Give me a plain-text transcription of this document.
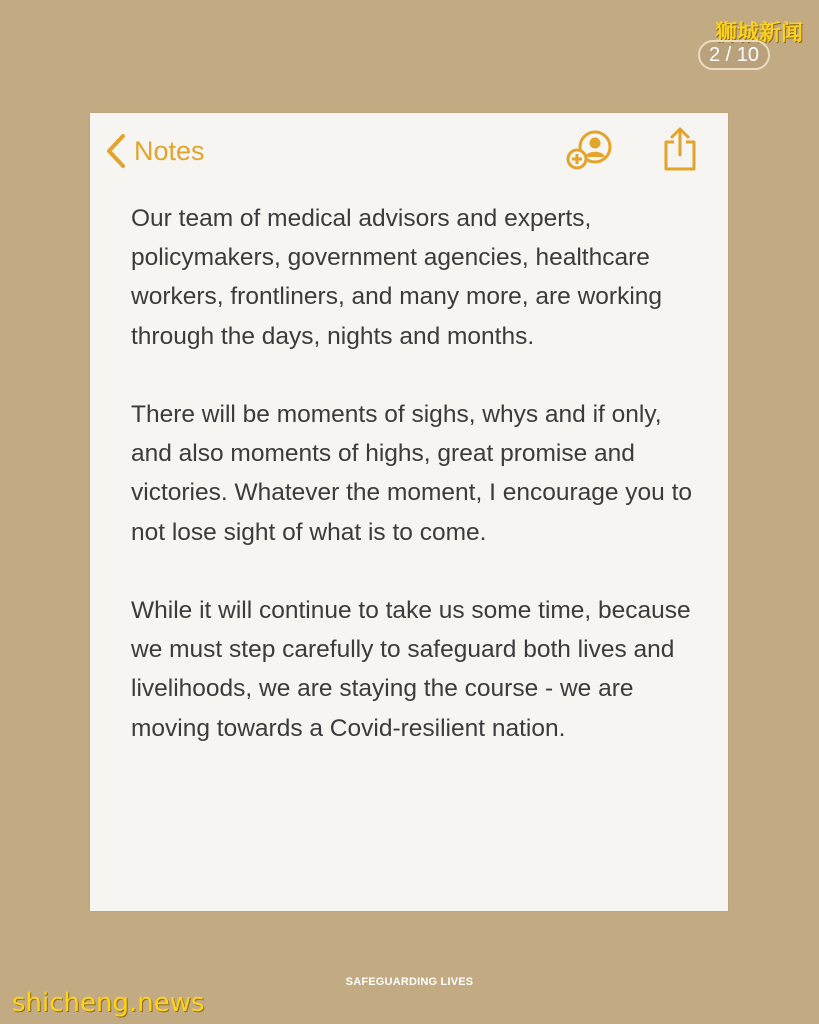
狮城新闻
2 / 10
Notes

Our team of medical advisors and experts, policymakers, government agencies, healthcare workers, frontliners, and many more, are working through the days, nights and months.

There will be moments of sighs, whys and if only, and also moments of highs, great promise and victories. Whatever the moment, I encourage you to not lose sight of what is to come.

While it will continue to take us some time, because we must step carefully to safeguard both lives and livelihoods, we are staying the course - we are moving towards a Covid-resilient nation.

SAFEGUARDING LIVES
shicheng.news
